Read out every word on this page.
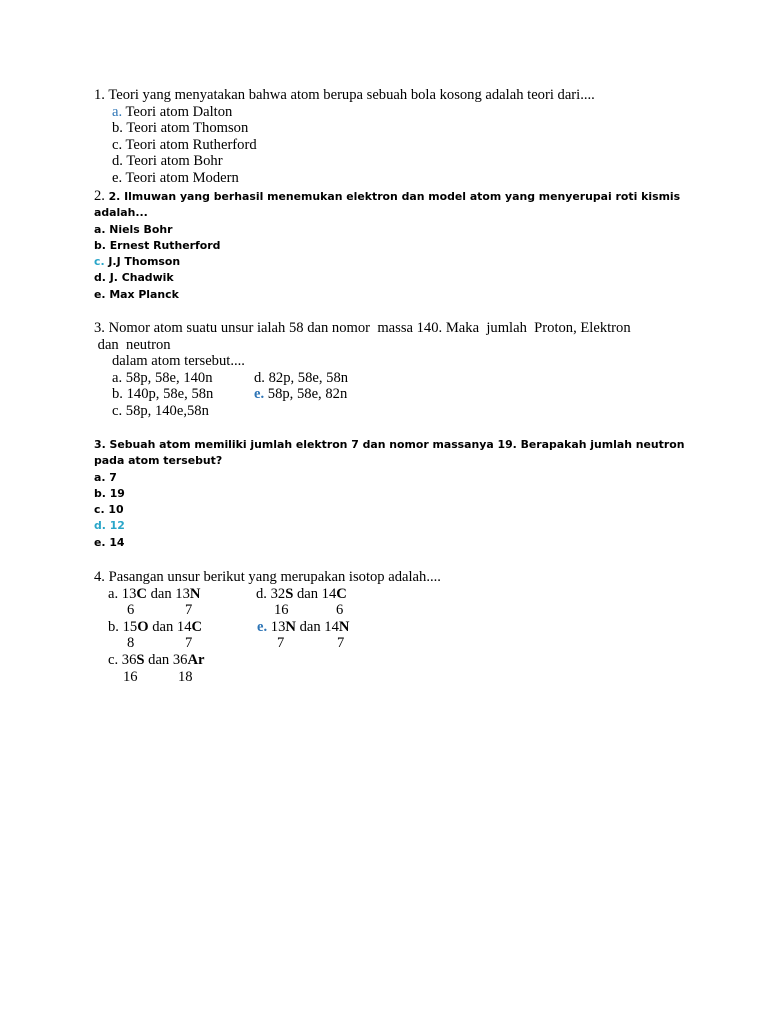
1. Teori yang menyatakan bahwa atom berupa sebuah bola kosong adalah teori dari....
a. Teori atom Dalton
b. Teori atom Thomson
c. Teori atom Rutherford
d. Teori atom Bohr
e. Teori atom Modern
2. 2. Ilmuwan yang berhasil menemukan elektron dan model atom yang menyerupai roti kismis
adalah...
a. Niels Bohr
b. Ernest Rutherford
c. J.J Thomson
d. J. Chadwik
e. Max Planck
3. Nomor atom suatu unsur ialah 58 dan nomor  massa 140. Maka  jumlah  Proton, Elektron
dan  neutron
dalam atom tersebut....
a. 58p, 58e, 140n	d. 82p, 58e, 58n
b. 140p, 58e, 58n	e. 58p, 58e, 82n
c. 58p, 140e,58n
3. Sebuah atom memiliki jumlah elektron 7 dan nomor massanya 19. Berapakah jumlah neutron
pada atom tersebut?
a. 7
b. 19
c. 10
d. 12
e. 14
4. Pasangan unsur berikut yang merupakan isotop adalah....
a. 13C dan 13N	d. 32S dan 14C
6	7	16	6
b. 15O dan 14C	e. 13N dan 14N
8	7	7	7
c. 36S dan 36Ar
16	18
